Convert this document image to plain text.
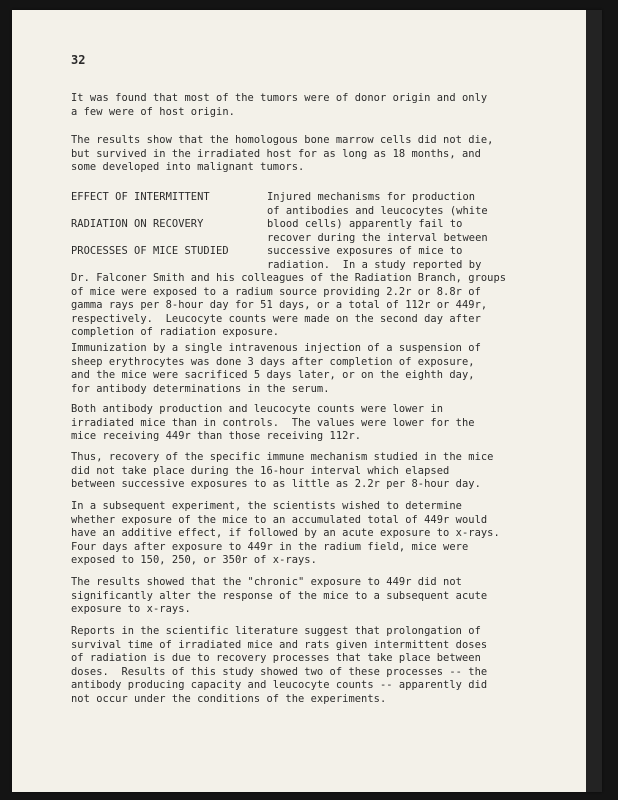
32

It was found that most of the tumors were of donor origin and only
a few were of host origin.

The results show that the homologous bone marrow cells did not die,
but survived in the irradiated host for as long as 18 months, and
some developed into malignant tumors.

EFFECT OF INTERMITTENT

RADIATION ON RECOVERY

PROCESSES OF MICE STUDIED

Injured mechanisms for production
of antibodies and leucocytes (white
blood cells) apparently fail to
recover during the interval between
successive exposures of mice to
radiation.  In a study reported by

Dr. Falconer Smith and his colleagues of the Radiation Branch, groups
of mice were exposed to a radium source providing 2.2r or 8.8r of
gamma rays per 8-hour day for 51 days, or a total of 112r or 449r,
respectively.  Leucocyte counts were made on the second day after
completion of radiation exposure.

Immunization by a single intravenous injection of a suspension of
sheep erythrocytes was done 3 days after completion of exposure,
and the mice were sacrificed 5 days later, or on the eighth day,
for antibody determinations in the serum.

Both antibody production and leucocyte counts were lower in
irradiated mice than in controls.  The values were lower for the
mice receiving 449r than those receiving 112r.

Thus, recovery of the specific immune mechanism studied in the mice
did not take place during the 16-hour interval which elapsed
between successive exposures to as little as 2.2r per 8-hour day.

In a subsequent experiment, the scientists wished to determine
whether exposure of the mice to an accumulated total of 449r would
have an additive effect, if followed by an acute exposure to x-rays.
Four days after exposure to 449r in the radium field, mice were
exposed to 150, 250, or 350r of x-rays.

The results showed that the "chronic" exposure to 449r did not
significantly alter the response of the mice to a subsequent acute
exposure to x-rays.

Reports in the scientific literature suggest that prolongation of
survival time of irradiated mice and rats given intermittent doses
of radiation is due to recovery processes that take place between
doses.  Results of this study showed two of these processes -- the
antibody producing capacity and leucocyte counts -- apparently did
not occur under the conditions of the experiments.
